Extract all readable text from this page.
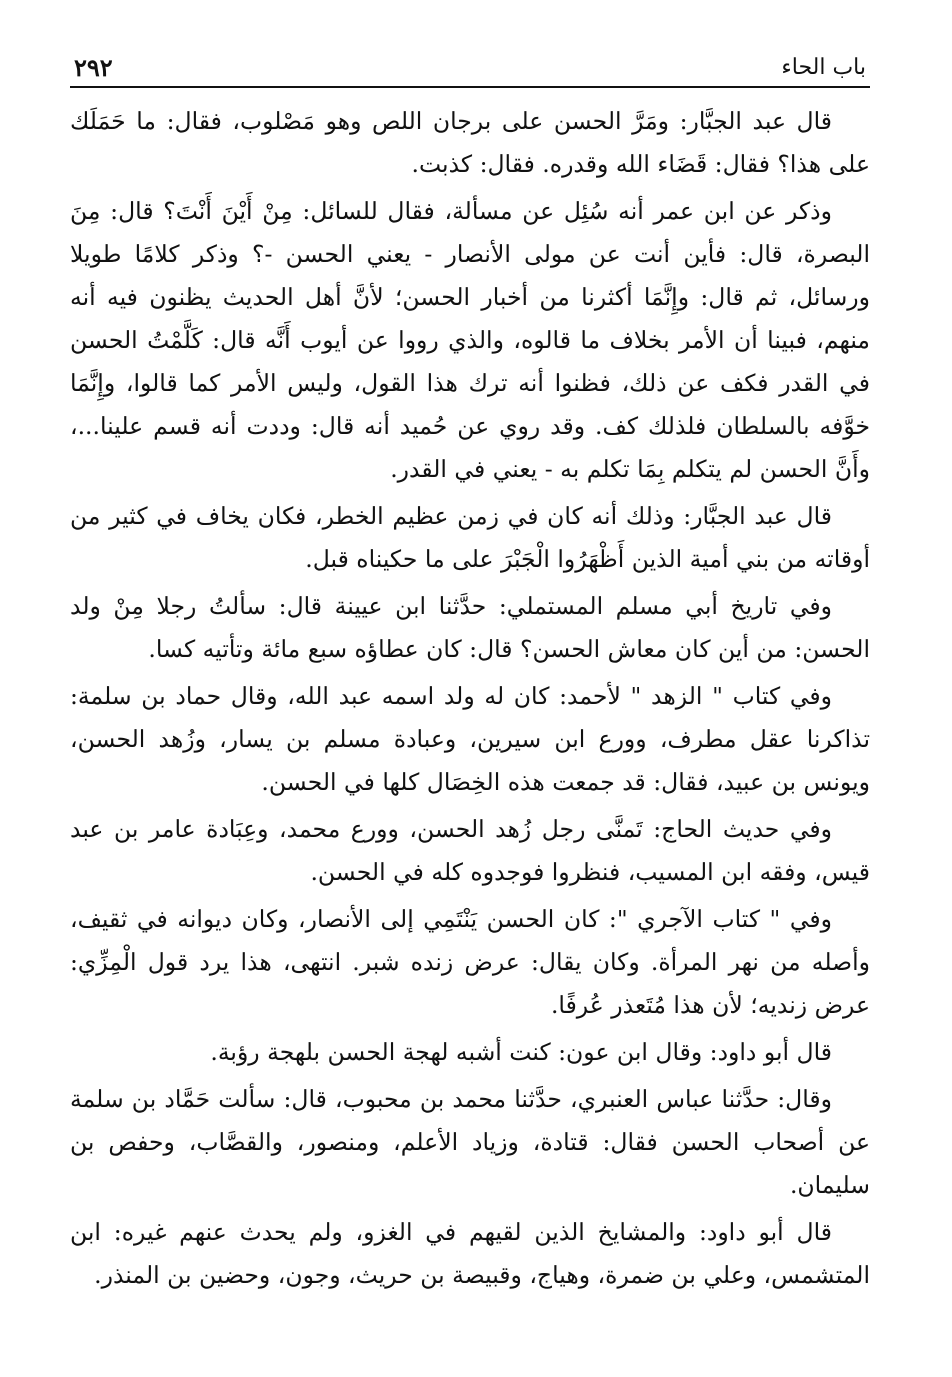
باب الحاء
٢٩٢

قال عبد الجبَّار: ومَرَّ الحسن على برجان اللص وهو مَصْلوب، فقال: ما حَمَلَك على هذا؟ فقال: قَضَاء الله وقدره. فقال: كذبت.

وذكر عن ابن عمر أنه سُئِل عن مسألة، فقال للسائل: مِنْ أَيْنَ أَنْتَ؟ قال: مِنَ البصرة، قال: فأين أنت عن مولى الأنصار - يعني الحسن -؟ وذكر كلامًا طويلا ورسائل، ثم قال: وإِنَّمَا أكثرنا من أخبار الحسن؛ لأنَّ أهل الحديث يظنون فيه أنه منهم، فبينا أن الأمر بخلاف ما قالوه، والذي رووا عن أيوب أَنَّه قال: كَلَّمْتُ الحسن في القدر فكف عن ذلك، فظنوا أنه ترك هذا القول، وليس الأمر كما قالوا، وإِنَّمَا خوَّفه بالسلطان فلذلك كف. وقد روي عن حُميد أنه قال: وددت أنه قسم علينا...، وأَنَّ الحسن لم يتكلم بِمَا تكلم به - يعني في القدر.

قال عبد الجبَّار: وذلك أنه كان في زمن عظيم الخطر، فكان يخاف في كثير من أوقاته من بني أمية الذين أَظْهَرُوا الْجَبْرَ على ما حكيناه قبل.

وفي تاريخ أبي مسلم المستملي: حدَّثنا ابن عيينة قال: سألتُ رجلا مِنْ ولد الحسن: من أين كان معاش الحسن؟ قال: كان عطاؤه سبع مائة وتأتيه كسا.

وفي كتاب " الزهد " لأحمد: كان له ولد اسمه عبد الله، وقال حماد بن سلمة: تذاكرنا عقل مطرف، وورع ابن سيرين، وعبادة مسلم بن يسار، وزُهد الحسن، ويونس بن عبيد، فقال: قد جمعت هذه الخِصَال كلها في الحسن.

وفي حديث الحاج: تَمنَّى رجل زُهد الحسن، وورع محمد، وعِبَادة عامر بن عبد قيس، وفقه ابن المسيب، فنظروا فوجدوه كله في الحسن.

وفي " كتاب الآجري ": كان الحسن يَنْتَمِي إلى الأنصار، وكان ديوانه في ثقيف، وأصله من نهر المرأة. وكان يقال: عرض زنده شبر. انتهى، هذا يرد قول الْمِزِّي: عرض زنديه؛ لأن هذا مُتَعذر عُرفًا.

قال أبو داود: وقال ابن عون: كنت أشبه لهجة الحسن بلهجة رؤبة.

وقال: حدَّثنا عباس العنبري، حدَّثنا محمد بن محبوب، قال: سألت حَمَّاد بن سلمة عن أصحاب الحسن فقال: قتادة، وزياد الأعلم، ومنصور، والقصَّاب، وحفص بن سليمان.

قال أبو داود: والمشايخ الذين لقيهم في الغزو، ولم يحدث عنهم غيره: ابن المتشمس، وعلي بن ضمرة، وهياج، وقبيصة بن حريث، وجون، وحضين بن المنذر.
